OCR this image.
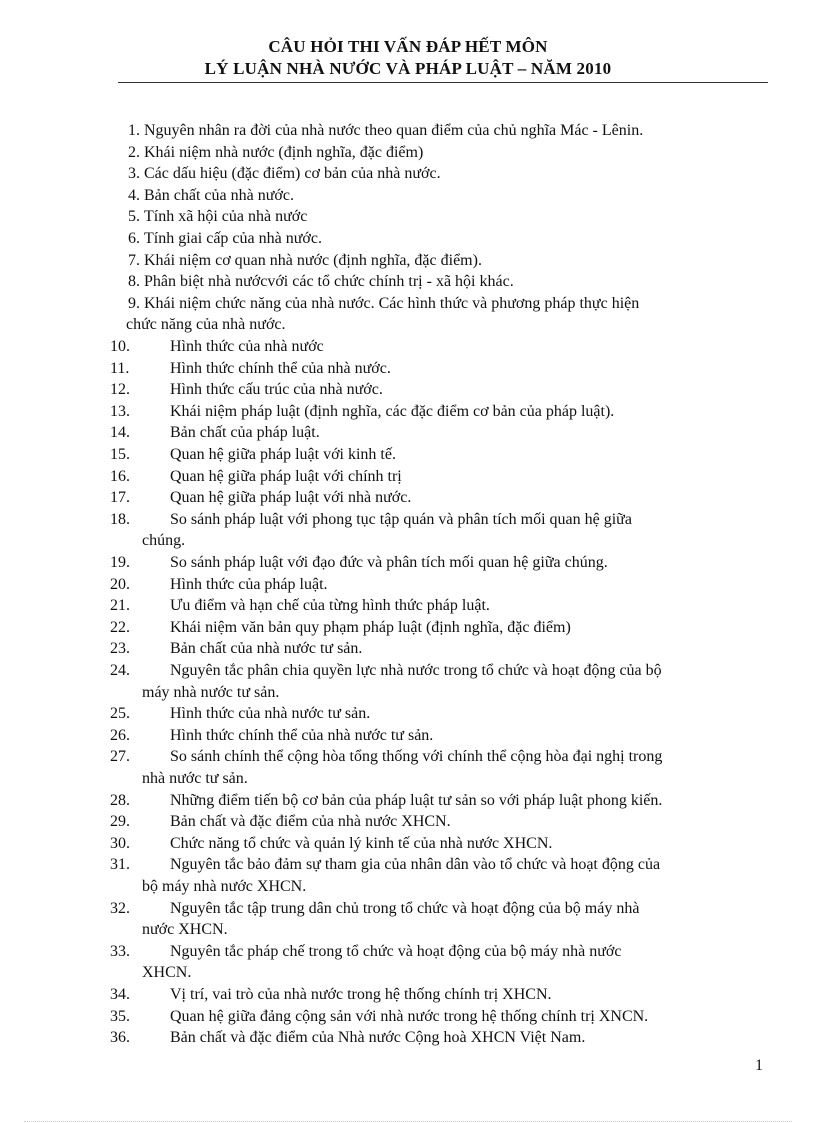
CÂU HỎI THI VẤN ĐÁP HẾT MÔN
LÝ LUẬN NHÀ NƯỚC VÀ PHÁP LUẬT – NĂM 2010
1. Nguyên nhân ra đời của nhà nước theo quan điểm của chủ nghĩa Mác - Lênin.
2. Khái niệm nhà nước (định nghĩa, đặc điểm)
3. Các dấu hiệu (đặc điểm) cơ bản của nhà nước.
4. Bản chất của nhà nước.
5. Tính xã hội của nhà nước
6. Tính giai cấp của nhà nước.
7. Khái niệm cơ quan nhà nước (định nghĩa, đặc điểm).
8. Phân biệt nhà nướcvới các tổ chức chính trị - xã hội khác.
9. Khái niệm chức năng của nhà nước. Các hình thức và phương pháp thực hiện
chức năng của nhà nước.
10.	Hình thức của nhà nước
11.	Hình thức chính thể của nhà nước.
12.	Hình thức cấu trúc của nhà nước.
13.	Khái niệm pháp luật (định nghĩa, các đặc điểm cơ bản của pháp luật).
14.	Bản chất của pháp luật.
15.	Quan hệ giữa pháp luật với kinh tế.
16.	Quan hệ giữa pháp luật với chính trị
17.	Quan hệ giữa pháp luật với nhà nước.
18.	So sánh pháp luật với phong tục tập quán và phân tích mối quan hệ giữa
chúng.
19.	So sánh pháp luật với đạo đức và phân tích mối quan hệ giữa chúng.
20.	Hình thức của pháp luật.
21.	Ưu điểm và hạn chế của từng hình thức pháp luật.
22.	Khái niệm văn bản quy phạm pháp luật (định nghĩa, đặc điểm)
23.	Bản chất của nhà nước tư sản.
24.	Nguyên tắc phân chia quyền lực nhà nước trong tổ chức và hoạt động của bộ
máy nhà nước tư sản.
25.	Hình thức của nhà nước tư sản.
26.	Hình thức chính thể của nhà nước tư sản.
27.	So sánh chính thể cộng hòa tổng thống với chính thể cộng hòa đại nghị trong
nhà nước tư sản.
28.	Những điểm tiến bộ cơ bản của pháp luật tư sản so với pháp luật phong kiến.
29.	Bản chất và đặc điểm của nhà nước XHCN.
30.	Chức năng tổ chức và quản lý kinh tế của nhà nước XHCN.
31.	Nguyên tắc bảo đảm sự tham gia của nhân dân vào tổ chức và hoạt động của
bộ máy nhà nước XHCN.
32.	Nguyên tắc tập trung dân chủ trong tổ chức và hoạt động của bộ máy nhà
nước XHCN.
33.	Nguyên tắc pháp chế trong tổ chức và hoạt động của bộ máy nhà nước
XHCN.
34.	Vị trí, vai trò của nhà nước trong hệ thống chính trị XHCN.
35.	Quan hệ giữa đảng cộng sản với nhà nước trong hệ thống chính trị XNCN.
36.	Bản chất và đặc điểm của Nhà nước Cộng hoà XHCN Việt Nam.
1
